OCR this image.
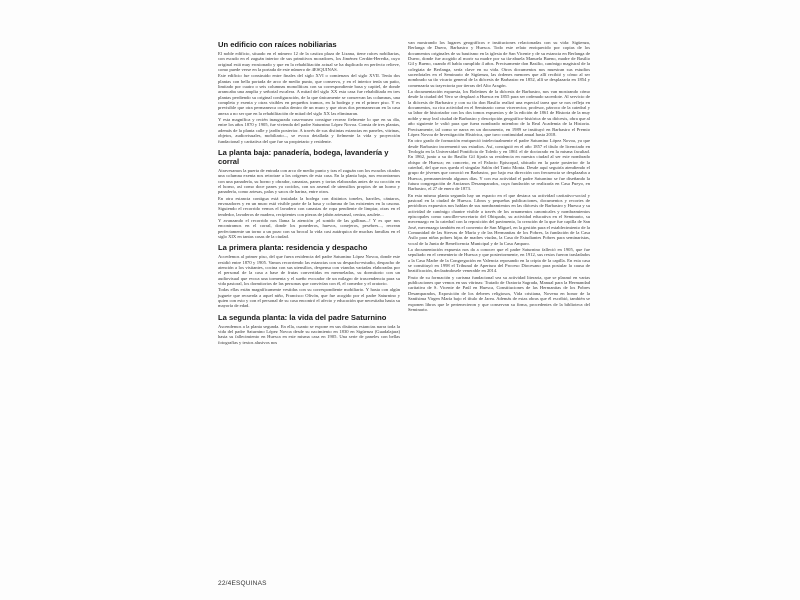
Un edificio con raíces nobiliarias

El noble edificio, situado en el número 12 de la castiza plaza de Lizana, tiene raíces nobiliarias, con escudo en el zaguán interior de sus primitivos moradores, los Jiménez Cerdán-Heredia, cuyo original está muy erosionado y que en la rehabilitación actual se ha duplicado en perfecto relieve, como puede verse en la portada de este número de 4ESQUINAS.

Este edificio fue construido entre finales del siglo XVI o comienzos del siglo XVII. Tenía dos plantas con bella portada de arco de medio punto, que conserva, y en el interior tenía un patio, limitado por cuatro o seis columnas monolíticas con su correspondiente basa y capitel, de donde arrancaba una amplia y señorial escalera. A mitad del siglo XX esta casa fue rehabilitada en tres plantas perdiendo su original configuración, de la que únicamente se conservan las columnas, una completa y exenta y otras visibles en pequeños tramos, en la bodega y en el primer piso. Y es previsible que otra permanezca oculta dentro de un muro y que otras dos permanezcan en la casa anexa a no ser que en la rehabilitación de mitad del siglo XX las eliminaran.

Y esta magnífica y recién inaugurada casa-museo consigue recrear fielmente lo que en su día, entre los años 1870 y 1905, fue vivienda del padre Saturnino López Novoa. Consta de tres plantas, además de la planta calle y jardín posterior. A través de sus distintas estancias en paneles, vitrinas, objetos, audiovisuales, mobiliario..., se evoca detallada y fielmente la vida y proyección fundacional y caritativa del que fue su propietario y residente.

La planta baja: panadería, bodega, lavandería y corral

Atravesamos la puerta de entrada con arco de medio punto y tras el zaguán con los escudos citados una columna exenta nos retrotrae a los orígenes de esta casa. En la planta baja, nos encontramos con una panadería, su horno y obrador, canastas, panes y tortas elaboradas antes de su cocción en el horno, así como doce panes ya cocidos, con un arsenal de utensilios propios de un horno y panadería, como artesas, palas y sacos de harina, entre otros.

En otra estancia contigua está instalada la bodega con distintos toneles, barriles, cántaros, envasadores y en un muro está visible parte de la basa y columna de las existentes en la casona. Siguiendo el recorrido vemos el lavadero con canastas de ropa pendiente de limpiar, otras en el tendedor, lavaderos de madera, recipientes con piezas de jabón artesanal, ceniza, azulete...

Y avanzando el recorrido nos llama la atención ¡el sonido de las gallinas...! Y es que nos encontramos en el corral, donde los ponederos, huevos, conejeros, pesebres..., recrean perfectamente un torno a un pozo con su brocal la vida casi autárquica de muchas familias en el siglo XIX en tantas casas de la ciudad.

La primera planta: residencia y despacho

Accedemos al primer piso, del que fuera residencia del padre Saturnino López Novoa, donde este residió entre 1870 y 1905. Vamos recorriendo las estancias con su despacho-estudio, despacho de atención a los visitantes, cocina con sus utensilios, despensa con viandas variadas elaboradas por el personal de la casa a base de frutas convertidas en mermeladas, su dormitorio con un audiovisual que evoca una tormenta y el sueño evocador de un milagro de trascendencia para su vida pastoral, los dormitorios de las personas que convivían con él, el comedor y el oratorio.

Todas ellas están magníficamente vestidas con su correspondiente mobiliario. Y hasta con algún juguete que recuerda a aquel niño, Francisco Olivón, que fue acogido por el padre Saturnino y quien con esto y con el personal de su casa encontró el afecto y educación que necesitaba hasta su mayoría de edad.

La segunda planta: la vida del padre Saturnino

Ascendemos a la planta segunda. En ella, cuanto se expone en sus distintas estancias narra toda la vida del padre Saturnino López Novoa desde su nacimiento en 1830 en Sigüenza (Guadalajara) hasta su fallecimiento en Huesca en este misma casa en 1905. Una serie de paneles con bellas fotografías y textos alusivos nos

van mostrando los lugares geográficos e instituciones relacionadas con su vida: Sigüenza, Berlanga de Duero, Barbastro y Huesca. Todo este relato enriquecido por copias de los documentos originales de su bautismo en la iglesia de San Vicente y de su estancia en Berlanga de Duero, donde fue acogido al morir su madre por su tía-abuela Manuela Bueno, madre de Basilio Gil y Bueno, cuando él había cumplido 4 años. Precisamente don Basilio, canónigo magistral de la colegiata de Berlanga, sería clave en su vida. Otros documentos nos muestran sus estudios sacerdotales en el Seminario de Sigüenza, las órdenes menores que allí recibió y cómo al ser nombrado su tío vicario general de la diócesis de Barbastro en 1852, allí se desplazaría en 1854 y comenzaría su trayectoria por tierras del Alto Aragón.

La documentación expuesta, los Boletines de la diócesis de Barbastro, nos van mostrando cómo desde la ciudad del Vero se desplazó a Huesca en 1855 para ser ordenado sacerdote. Al servicio de la diócesis de Barbastro y con su tío don Basilio realizó una especial tarea que se nos refleja en documentos, su rica actividad en el Seminario como vicerrector, profesor, párroco de la catedral y su labor de historiador con los dos tomos expuestos y de la edición de 1861 de Historia de la muy noble y muy leal ciudad de Barbastro y descripción geográfico-histórica de su diócesis, obra que al año siguiente le valió para que fuera nombrado miembro de la Real Academia de la Historia. Precisamente, tal como se narra en un documento, en 1989 se instituyó en Barbastro el Premio López Novoa de Investigación Histórica, que tuvo continuidad anual hasta 2018.

En otro grado de formación enriqueció intelectualmente el padre Saturnino López Novoa, ya que desde Barbastro incrementó sus estudios. Así, consiguió en el año 1857 el título de licenciado en Teología en la Universidad Pontificia de Toledo y en 1861 el de doctorado en la misma facultad. En 1862, junto a su tío Basilio Gil fijaría su residencia en nuestra ciudad al ser este nombrado obispo de Huesca; en concreto, en el Palacio Episcopal, ubicado en la parte posterior de la catedral, del que nos queda el singular Salón del Tanto Monta. Desde aquí seguiría atendiendo el grupo de jóvenes que conoció en Barbastro, por bajo esa dirección con frecuencia se desplazaba a Huesca, permaneciendo algunos días. Y con esa actividad el padre Saturnino se fue diseñando la futura congregación de Ancianos Desamparados, cuya fundación se realizaría en Casa Pueyo, en Barbastro, el 27 de enero de 1873.

En esta misma planta segunda hay un espacio en el que destaca su actividad caritativo-social y pastoral en la ciudad de Huesca. Libros y pequeñas publicaciones, documentos y recortes de periódicos expuestos nos hablan de sus nombramientos en las diócesis de Barbastro y Huesca y su actividad de canónigo chantre visible a través de los ornamentos canonicales y nombramientos episcopales como canciller-secretario del Obispado, su actividad educativa en el Seminario, su mecenazgo en la catedral con la reposición del pavimento, la creación de la que fue capilla de San José, mecenazgo también en el convento de San Miguel, en la gestión para el establecimiento de la Comunidad de las Siervas de María y de las Hermanitas de los Pobres, la fundación de la Casa Asilo para niñas pobres hijas de madres viudas, la Casa de Estudiantes Pobres para seminaristas, vocal de la Junta de Beneficencia Municipal y de la Casa Amparo.

La documentación expuesta nos da a conocer que el padre Saturnino falleció en 1905, que fue sepultado en el cementerio de Huesca y que posteriormente, en 1912, sus restos fueron trasladados a la Casa Madre de la Congregación en Valencia reposando en la cripta de la capilla. En esta casa se constituyó en 1998 el Tribunal de Apertura del Proceso Diocesano para postular la causa de beatificación, declarándosele venerable en 2014.

Fruto de su formación y carisma fundacional sea su actividad literaria, que se plasmó en varias publicaciones que vemos en sus vitrinas: Tratado de Oratoria Sagrada, Manual para la Hermandad caritativa de S. Vicente de Paúl en Huesca, Constituciones de las Hermanitas de los Pobres Desamparados, Exposición de los deberes religiosos, Vida cristiana, Novena en honor de la Santísima Virgen María bajo el título de Jarea. Además de estas obras que él escribió, también se exponen libros que le pertenecieron y que conservan su firma, procedentes de la biblioteca del Seminario.

22/4ESQUINAS
